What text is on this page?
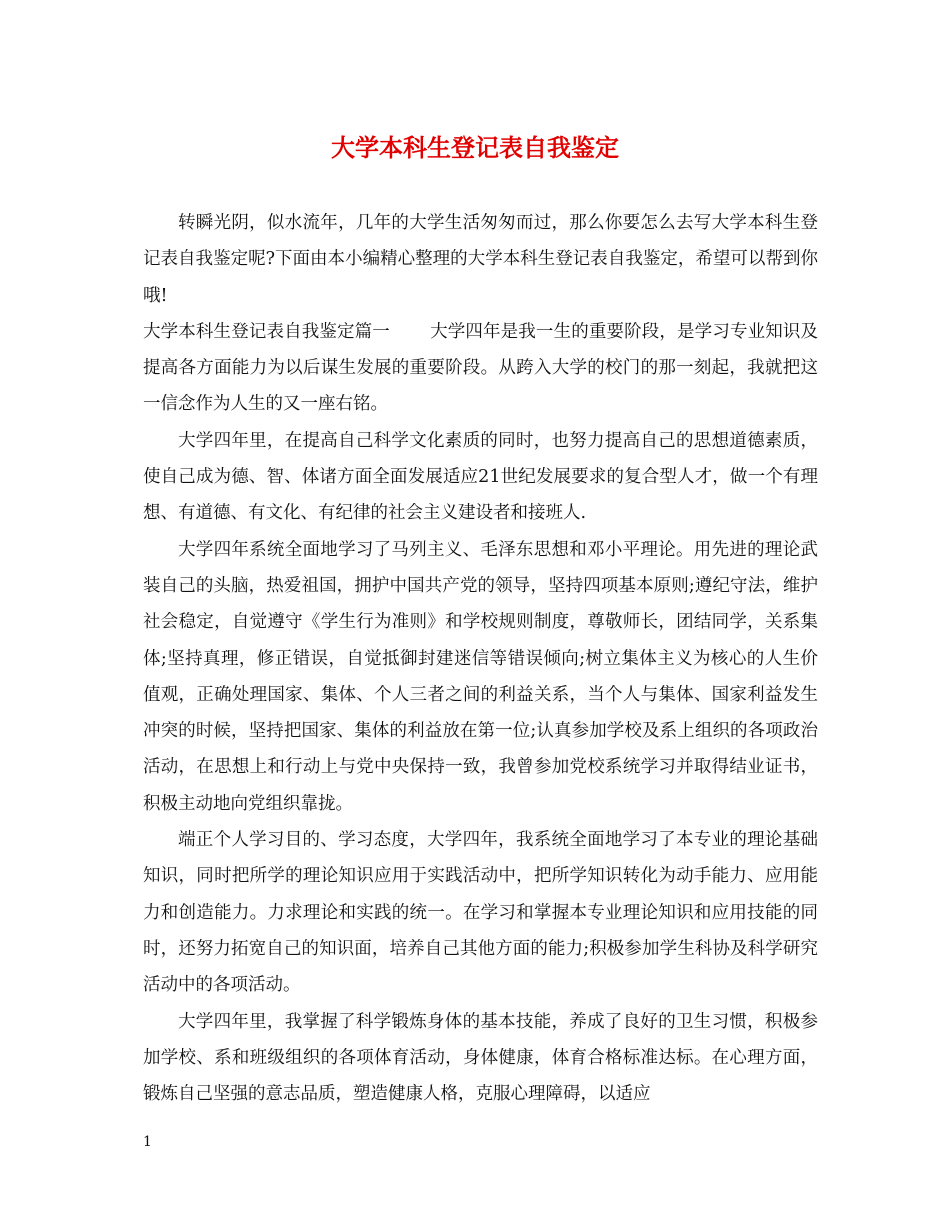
大学本科生登记表自我鉴定

转瞬光阴，似水流年，几年的大学生活匆匆而过，那么你要怎么去写大学本科生登记表自我鉴定呢?下面由本小编精心整理的大学本科生登记表自我鉴定，希望可以帮到你哦!

大学本科生登记表自我鉴定篇一 大学四年是我一生的重要阶段，是学习专业知识及提高各方面能力为以后谋生发展的重要阶段。从跨入大学的校门的那一刻起，我就把这一信念作为人生的又一座右铭。

大学四年里，在提高自己科学文化素质的同时，也努力提高自己的思想道德素质，使自己成为德、智、体诸方面全面发展适应21世纪发展要求的复合型人才，做一个有理想、有道德、有文化、有纪律的社会主义建设者和接班人.

大学四年系统全面地学习了马列主义、毛泽东思想和邓小平理论。用先进的理论武装自己的头脑，热爱祖国，拥护中国共产党的领导，坚持四项基本原则;遵纪守法，维护社会稳定，自觉遵守《学生行为准则》和学校规则制度，尊敬师长，团结同学，关系集体;坚持真理，修正错误，自觉抵御封建迷信等错误倾向;树立集体主义为核心的人生价值观，正确处理国家、集体、个人三者之间的利益关系，当个人与集体、国家利益发生冲突的时候，坚持把国家、集体的利益放在第一位;认真参加学校及系上组织的各项政治活动，在思想上和行动上与党中央保持一致，我曾参加党校系统学习并取得结业证书，积极主动地向党组织靠拢。

端正个人学习目的、学习态度，大学四年，我系统全面地学习了本专业的理论基础知识，同时把所学的理论知识应用于实践活动中，把所学知识转化为动手能力、应用能力和创造能力。力求理论和实践的统一。在学习和掌握本专业理论知识和应用技能的同时，还努力拓宽自己的知识面，培养自己其他方面的能力;积极参加学生科协及科学研究活动中的各项活动。

大学四年里，我掌握了科学锻炼身体的基本技能，养成了良好的卫生习惯，积极参加学校、系和班级组织的各项体育活动，身体健康，体育合格标准达标。在心理方面，锻炼自己坚强的意志品质，塑造健康人格，克服心理障碍，以适应

1
